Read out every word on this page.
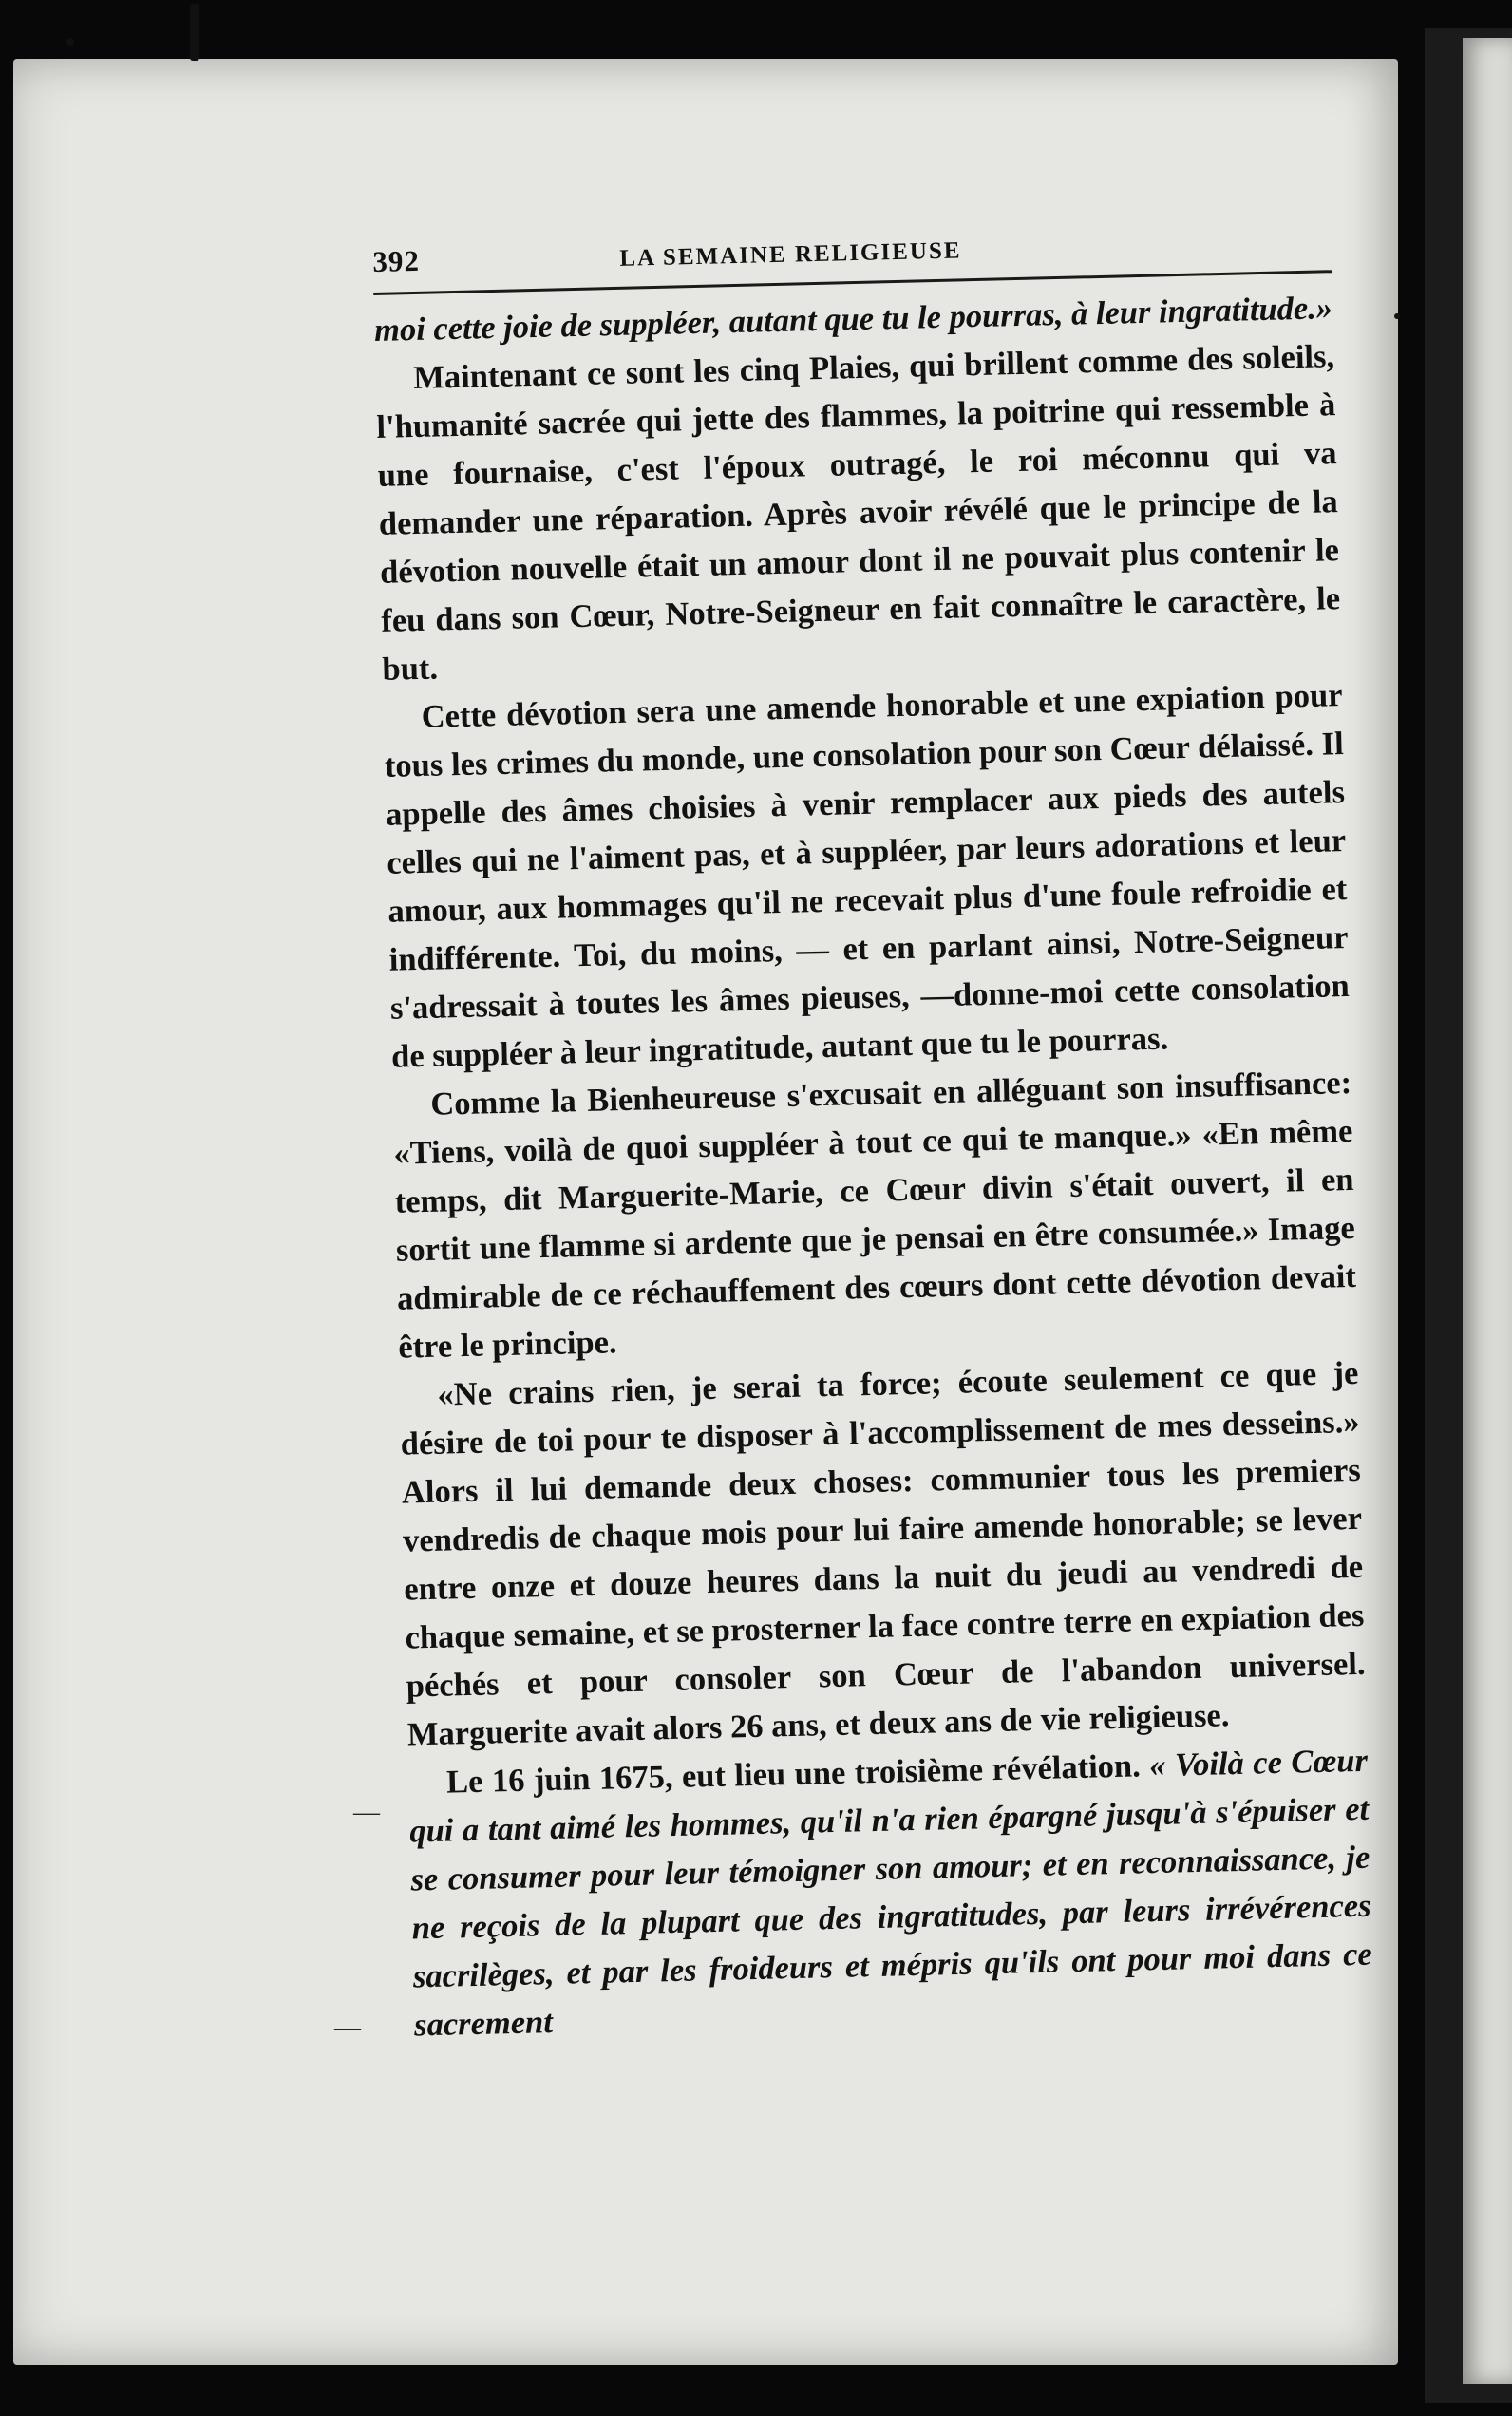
—
—
392	LA SEMAINE RELIGIEUSE

moi cette joie de suppléer, autant que tu le pourras, à leur ingratitude.»

Maintenant ce sont les cinq Plaies, qui brillent comme des soleils, l'humanité sacrée qui jette des flammes, la poitrine qui ressemble à une fournaise, c'est l'époux outragé, le roi méconnu qui va demander une réparation. Après avoir révélé que le principe de la dévotion nouvelle était un amour dont il ne pouvait plus contenir le feu dans son Cœur, Notre-Seigneur en fait connaître le caractère, le but.

Cette dévotion sera une amende honorable et une expiation pour tous les crimes du monde, une consolation pour son Cœur délaissé. Il appelle des âmes choisies à venir remplacer aux pieds des autels celles qui ne l'aiment pas, et à suppléer, par leurs adorations et leur amour, aux hommages qu'il ne recevait plus d'une foule refroidie et indifférente. Toi, du moins, — et en parlant ainsi, Notre-Seigneur s'adressait à toutes les âmes pieuses, —donne-moi cette consolation de suppléer à leur ingratitude, autant que tu le pourras.

Comme la Bienheureuse s'excusait en alléguant son insuffisance: «Tiens, voilà de quoi suppléer à tout ce qui te manque.» «En même temps, dit Marguerite-Marie, ce Cœur divin s'était ouvert, il en sortit une flamme si ardente que je pensai en être consumée.» Image admirable de ce réchauffement des cœurs dont cette dévotion devait être le principe.

«Ne crains rien, je serai ta force; écoute seulement ce que je désire de toi pour te disposer à l'accomplissement de mes desseins.» Alors il lui demande deux choses: communier tous les premiers vendredis de chaque mois pour lui faire amende honorable; se lever entre onze et douze heures dans la nuit du jeudi au vendredi de chaque semaine, et se prosterner la face contre terre en expiation des péchés et pour consoler son Cœur de l'abandon universel. Marguerite avait alors 26 ans, et deux ans de vie religieuse.

Le 16 juin 1675, eut lieu une troisième révélation. « Voilà ce Cœur qui a tant aimé les hommes, qu'il n'a rien épargné jusqu'à s'épuiser et se consumer pour leur témoigner son amour; et en reconnaissance, je ne reçois de la plupart que des ingratitudes, par leurs irrévérences sacrilèges, et par les froideurs et mépris qu'ils ont pour moi dans ce sacrement
